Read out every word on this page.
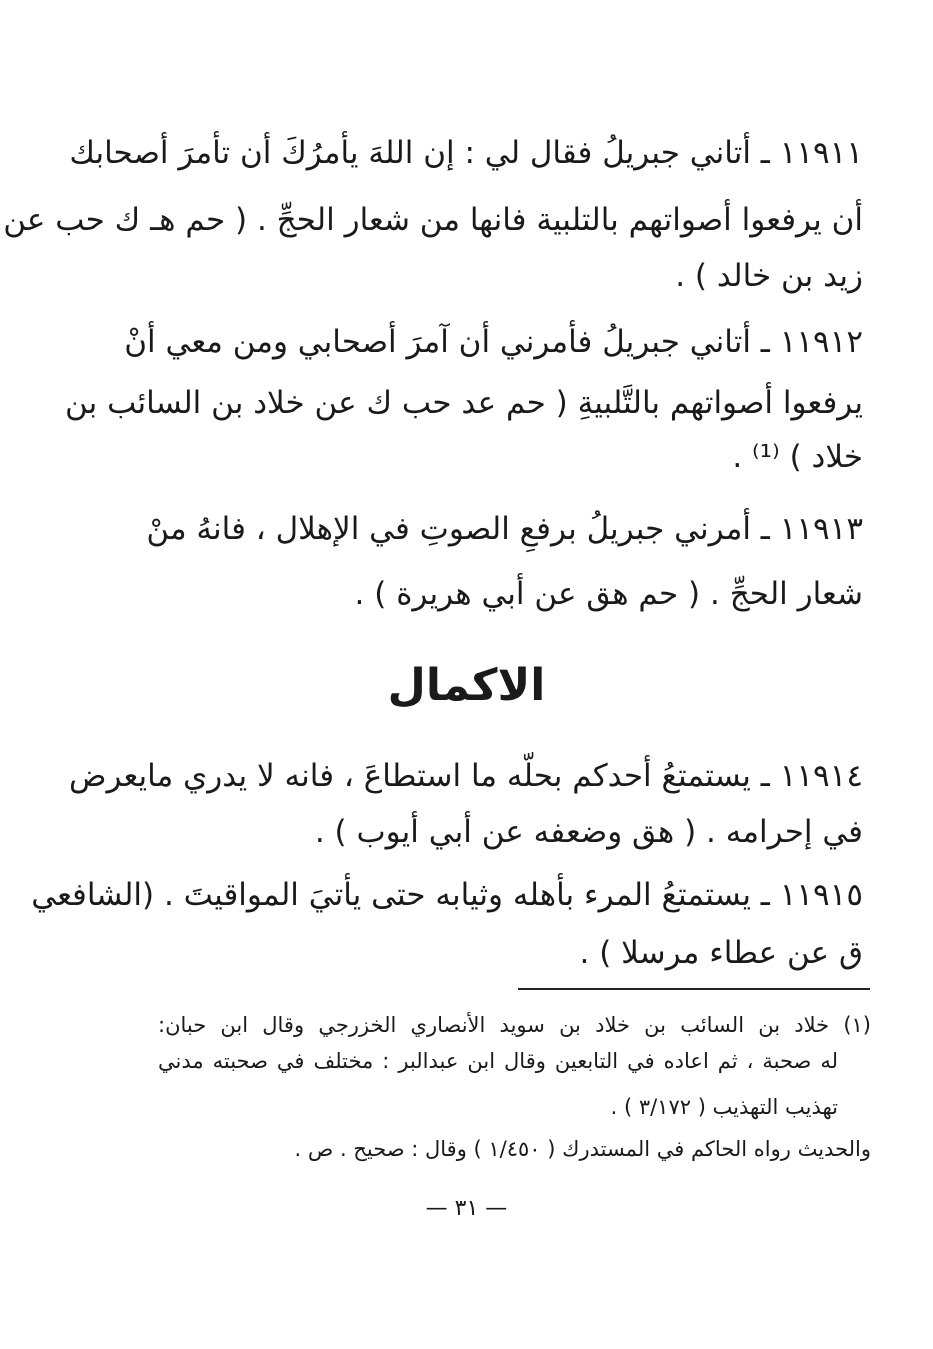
١١٩١١ ـ أتاني جبريلُ فقال لي : إن اللهَ يأمرُكَ أن تأمرَ أصحابك
أن يرفعوا أصواتهم بالتلبية فانها من شعار الحجِّ . ( حم هـ ك حب عن
زيد بن خالد ) .
١١٩١٢ ـ أتاني جبريلُ فأمرني أن آمرَ أصحابي ومن معي أنْ
يرفعوا أصواتهم بالتَّلبيةِ ( حم عد حب ك عن خلاد بن السائب بن
خلاد ) ⁽¹⁾ .
١١٩١٣ ـ أمرني جبريلُ برفعِ الصوتِ في الإهلال ، فانهُ منْ
شعار الحجِّ . ( حم هق عن أبي هريرة ) .
الاكمال
١١٩١٤ ـ يستمتعُ أحدكم بحلّه ما استطاعَ ، فانه لا يدري مايعرض
في إحرامه . ( هق وضعفه عن أبي أيوب ) .
١١٩١٥ ـ يستمتعُ المرء بأهله وثيابه حتى يأتيَ المواقيتَ . (الشافعي
ق عن عطاء مرسلا ) .
(١) خلاد بن السائب بن خلاد بن سويد الأنصاري الخزرجي وقال ابن حبان:
له صحبة ، ثم اعاده في التابعين وقال ابن عبدالبر : مختلف في صحبته مدني
تهذيب التهذيب ( ٣/١٧٢ ) .
والحديث رواه الحاكم في المستدرك ( ١/٤٥٠ ) وقال : صحيح . ص .
— ٣١ —
